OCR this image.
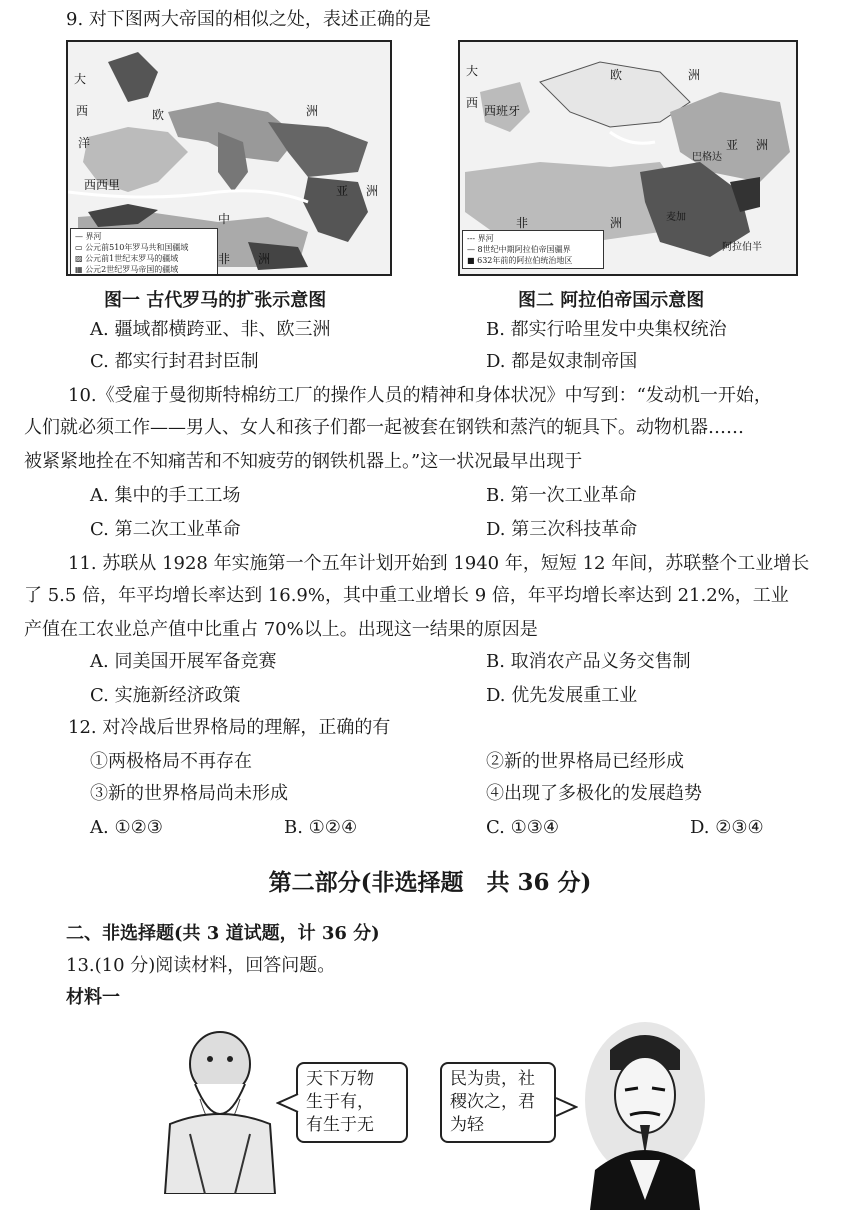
9. 对下图两大帝国的相似之处，表述正确的是
大
西
洋
欧	洲
西西里	亚 洲
非 洲
中
— 界河
▭ 公元前510年罗马共和国疆域
▨ 公元前1世纪末罗马的疆域
▦ 公元2世纪罗马帝国的疆域
大
西
欧	洲
西班牙
亚 洲
巴格达
非	洲
阿拉伯半
麦加
--- 界河
— 8世纪中期阿拉伯帝国疆界
■ 632年前的阿拉伯统治地区
图一 古代罗马的扩张示意图	图二 阿拉伯帝国示意图
A. 疆域都横跨亚、非、欧三洲	B. 都实行哈里发中央集权统治
C. 都实行封君封臣制	D. 都是奴隶制帝国
10.《受雇于曼彻斯特棉纺工厂的操作人员的精神和身体状况》中写到：“发动机一开始，
人们就必须工作——男人、女人和孩子们都一起被套在钢铁和蒸汽的轭具下。动物机器……
被紧紧地拴在不知痛苦和不知疲劳的钢铁机器上。”这一状况最早出现于
A. 集中的手工工场	B. 第一次工业革命
C. 第二次工业革命	D. 第三次科技革命
11. 苏联从 1928 年实施第一个五年计划开始到 1940 年，短短 12 年间，苏联整个工业增长
了 5.5 倍，年平均增长率达到 16.9%，其中重工业增长 9 倍，年平均增长率达到 21.2%，工业
产值在工农业总产值中比重占 70%以上。出现这一结果的原因是
A. 同美国开展军备竞赛	B. 取消农产品义务交售制
C. 实施新经济政策	D. 优先发展重工业
12. 对冷战后世界格局的理解，正确的有
①两极格局不再存在	②新的世界格局已经形成
③新的世界格局尚未形成	④出现了多极化的发展趋势
A. ①②③	B. ①②④	C. ①③④	D. ②③④
第二部分(非选择题　共 36 分)
二、非选择题(共 3 道试题，计 36 分)
13.(10 分)阅读材料，回答问题。
材料一
天下万物
生于有，
有生于无
民为贵，社
稷次之，君
为轻
